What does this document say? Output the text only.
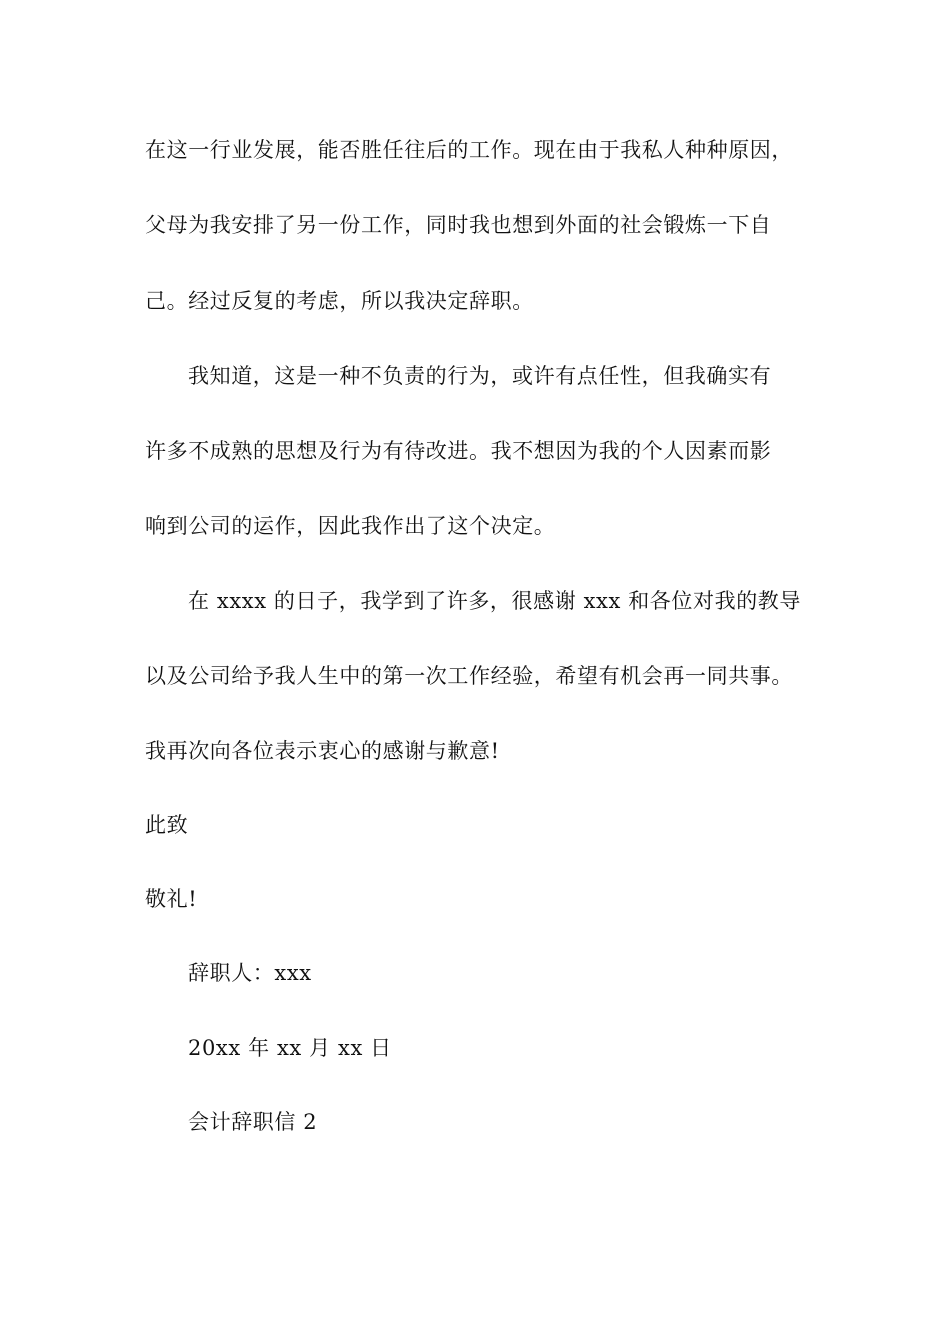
在这一行业发展，能否胜任往后的工作。现在由于我私人种种原因，
父母为我安排了另一份工作，同时我也想到外面的社会锻炼一下自
己。经过反复的考虑，所以我决定辞职。
我知道，这是一种不负责的行为，或许有点任性，但我确实有
许多不成熟的思想及行为有待改进。我不想因为我的个人因素而影
响到公司的运作，因此我作出了这个决定。
在 xxxx 的日子，我学到了许多，很感谢 xxx 和各位对我的教导
以及公司给予我人生中的第一次工作经验，希望有机会再一同共事。
我再次向各位表示衷心的感谢与歉意!
此致
敬礼!
辞职人：xxx
20xx 年 xx 月 xx 日
会计辞职信 2
